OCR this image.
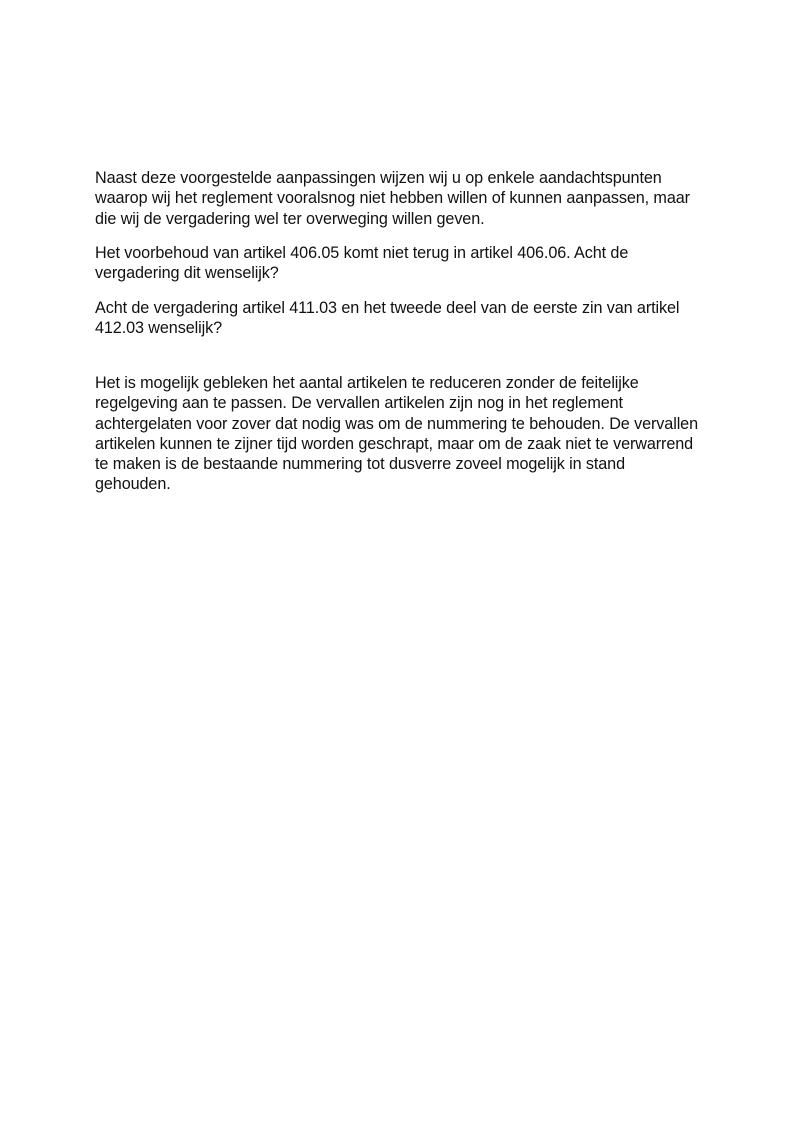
Naast deze voorgestelde aanpassingen wijzen wij u op enkele aandachtspunten
waarop wij het reglement vooralsnog niet hebben willen of kunnen aanpassen, maar
die wij de vergadering wel ter overweging willen geven.

Het voorbehoud van artikel 406.05 komt niet terug in artikel 406.06. Acht de
vergadering dit wenselijk?

Acht de vergadering artikel 411.03 en het tweede deel van de eerste zin van artikel
412.03 wenselijk?

Het is mogelijk gebleken het aantal artikelen te reduceren zonder de feitelijke
regelgeving aan te passen. De vervallen artikelen zijn nog in het reglement
achtergelaten voor zover dat nodig was om de nummering te behouden. De vervallen
artikelen kunnen te zijner tijd worden geschrapt, maar om de zaak niet te verwarrend
te maken is de bestaande nummering tot dusverre zoveel mogelijk in stand
gehouden.
